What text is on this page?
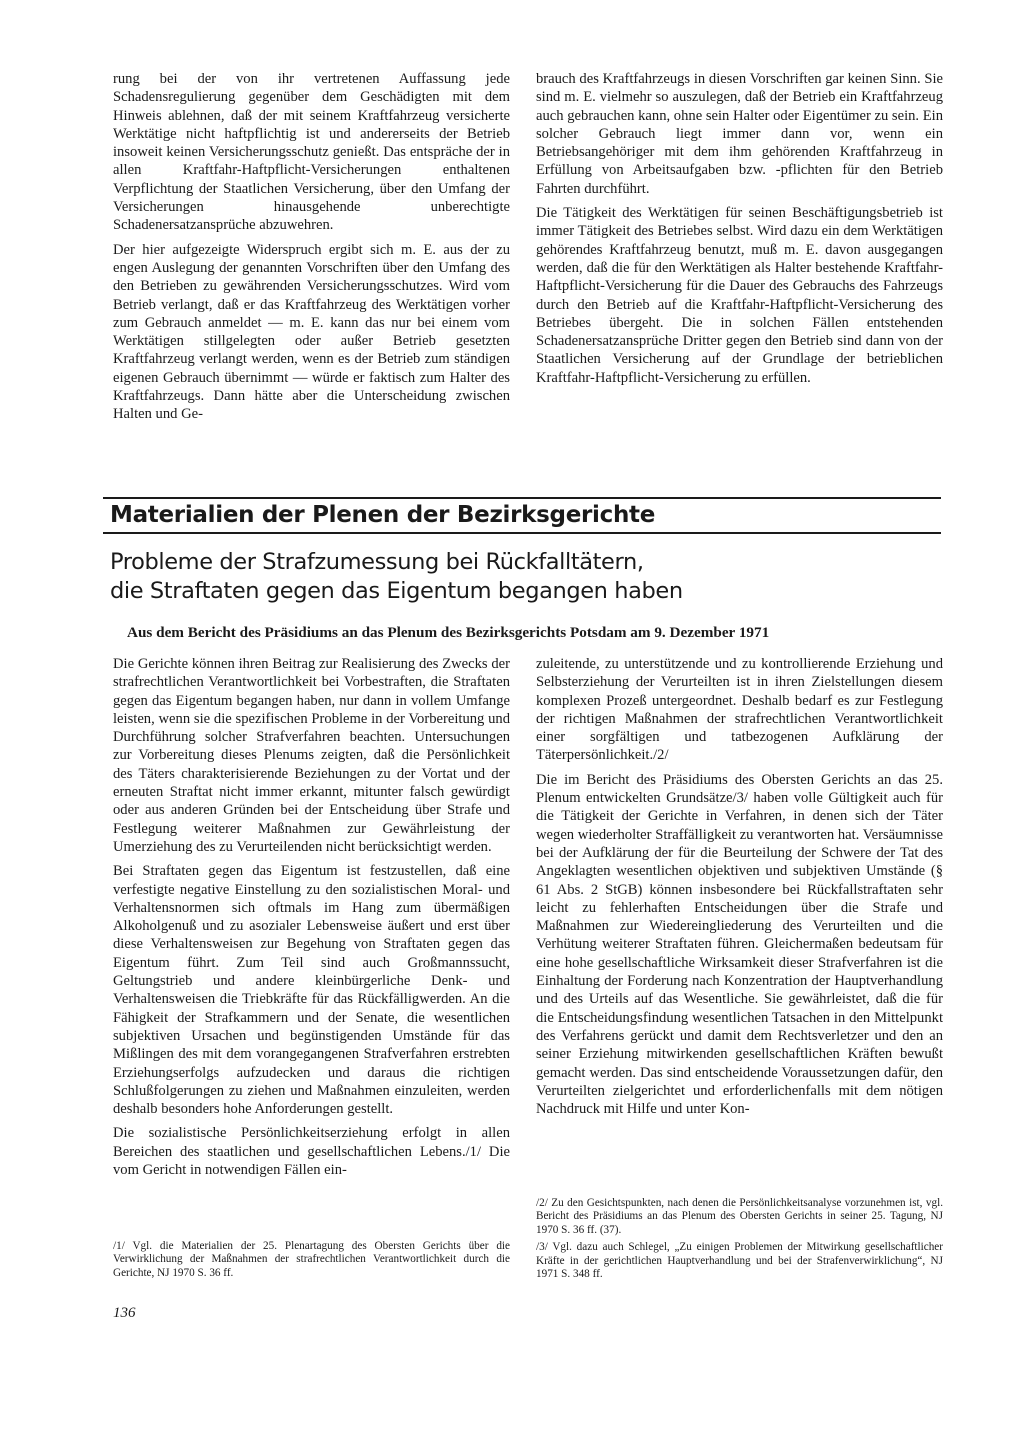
rung bei der von ihr vertretenen Auffassung jede Schadensregulierung gegenüber dem Geschädigten mit dem Hinweis ablehnen, daß der mit seinem Kraftfahrzeug versicherte Werktätige nicht haftpflichtig ist und andererseits der Betrieb insoweit keinen Versicherungsschutz genießt. Das entspräche der in allen Kraftfahr-Haftpflicht-Versicherungen enthaltenen Verpflichtung der Staatlichen Versicherung, über den Umfang der Versicherungen hinausgehende unberechtigte Schadenersatzansprüche abzuwehren.

Der hier aufgezeigte Widerspruch ergibt sich m. E. aus der zu engen Auslegung der genannten Vorschriften über den Umfang des den Betrieben zu gewährenden Versicherungsschutzes. Wird vom Betrieb verlangt, daß er das Kraftfahrzeug des Werktätigen vorher zum Gebrauch anmeldet — m. E. kann das nur bei einem vom Werktätigen stillgelegten oder außer Betrieb gesetzten Kraftfahrzeug verlangt werden, wenn es der Betrieb zum ständigen eigenen Gebrauch übernimmt — würde er faktisch zum Halter des Kraftfahrzeugs. Dann hätte aber die Unterscheidung zwischen Halten und Ge-

brauch des Kraftfahrzeugs in diesen Vorschriften gar keinen Sinn. Sie sind m. E. vielmehr so auszulegen, daß der Betrieb ein Kraftfahrzeug auch gebrauchen kann, ohne sein Halter oder Eigentümer zu sein. Ein solcher Gebrauch liegt immer dann vor, wenn ein Betriebsangehöriger mit dem ihm gehörenden Kraftfahrzeug in Erfüllung von Arbeitsaufgaben bzw. -pflichten für den Betrieb Fahrten durchführt.

Die Tätigkeit des Werktätigen für seinen Beschäftigungsbetrieb ist immer Tätigkeit des Betriebes selbst. Wird dazu ein dem Werktätigen gehörendes Kraftfahrzeug benutzt, muß m. E. davon ausgegangen werden, daß die für den Werktätigen als Halter bestehende Kraftfahr-Haftpflicht-Versicherung für die Dauer des Gebrauchs des Fahrzeugs durch den Betrieb auf die Kraftfahr-Haftpflicht-Versicherung des Betriebes übergeht. Die in solchen Fällen entstehenden Schadenersatzansprüche Dritter gegen den Betrieb sind dann von der Staatlichen Versicherung auf der Grundlage der betrieblichen Kraftfahr-Haftpflicht-Versicherung zu erfüllen.

Materialien der Plenen der Bezirksgerichte
Probleme der Strafzumessung bei Rückfalltätern,
die Straftaten gegen das Eigentum begangen haben
Aus dem Bericht des Präsidiums an das Plenum des Bezirksgerichts Potsdam am 9. Dezember 1971

Die Gerichte können ihren Beitrag zur Realisierung des Zwecks der strafrechtlichen Verantwortlichkeit bei Vorbestraften, die Straftaten gegen das Eigentum begangen haben, nur dann in vollem Umfange leisten, wenn sie die spezifischen Probleme in der Vorbereitung und Durchführung solcher Strafverfahren beachten. Untersuchungen zur Vorbereitung dieses Plenums zeigten, daß die Persönlichkeit des Täters charakterisierende Beziehungen zu der Vortat und der erneuten Straftat nicht immer erkannt, mitunter falsch gewürdigt oder aus anderen Gründen bei der Entscheidung über Strafe und Festlegung weiterer Maßnahmen zur Gewährleistung der Umerziehung des zu Verurteilenden nicht berücksichtigt werden.

Bei Straftaten gegen das Eigentum ist festzustellen, daß eine verfestigte negative Einstellung zu den sozialistischen Moral- und Verhaltensnormen sich oftmals im Hang zum übermäßigen Alkoholgenuß und zu asozialer Lebensweise äußert und erst über diese Verhaltensweisen zur Begehung von Straftaten gegen das Eigentum führt. Zum Teil sind auch Großmannssucht, Geltungstrieb und andere kleinbürgerliche Denk- und Verhaltensweisen die Triebkräfte für das Rückfälligwerden. An die Fähigkeit der Strafkammern und der Senate, die wesentlichen subjektiven Ursachen und begünstigenden Umstände für das Mißlingen des mit dem vorangegangenen Strafverfahren erstrebten Erziehungserfolgs aufzudecken und daraus die richtigen Schlußfolgerungen zu ziehen und Maßnahmen einzuleiten, werden deshalb besonders hohe Anforderungen gestellt.

Die sozialistische Persönlichkeitserziehung erfolgt in allen Bereichen des staatlichen und gesellschaftlichen Lebens./1/ Die vom Gericht in notwendigen Fällen ein-

zuleitende, zu unterstützende und zu kontrollierende Erziehung und Selbsterziehung der Verurteilten ist in ihren Zielstellungen diesem komplexen Prozeß untergeordnet. Deshalb bedarf es zur Festlegung der richtigen Maßnahmen der strafrechtlichen Verantwortlichkeit einer sorgfältigen und tatbezogenen Aufklärung der Täterpersönlichkeit./2/

Die im Bericht des Präsidiums des Obersten Gerichts an das 25. Plenum entwickelten Grundsätze/3/ haben volle Gültigkeit auch für die Tätigkeit der Gerichte in Verfahren, in denen sich der Täter wegen wiederholter Straffälligkeit zu verantworten hat. Versäumnisse bei der Aufklärung der für die Beurteilung der Schwere der Tat des Angeklagten wesentlichen objektiven und subjektiven Umstände (§ 61 Abs. 2 StGB) können insbesondere bei Rückfallstraftaten sehr leicht zu fehlerhaften Entscheidungen über die Strafe und Maßnahmen zur Wiedereingliederung des Verurteilten und die Verhütung weiterer Straftaten führen. Gleichermaßen bedeutsam für eine hohe gesellschaftliche Wirksamkeit dieser Strafverfahren ist die Einhaltung der Forderung nach Konzentration der Hauptverhandlung und des Urteils auf das Wesentliche. Sie gewährleistet, daß die für die Entscheidungsfindung wesentlichen Tatsachen in den Mittelpunkt des Verfahrens gerückt und damit dem Rechtsverletzer und den an seiner Erziehung mitwirkenden gesellschaftlichen Kräften bewußt gemacht werden. Das sind entscheidende Voraussetzungen dafür, den Verurteilten zielgerichtet und erforderlichenfalls mit dem nötigen Nachdruck mit Hilfe und unter Kon-

/1/ Vgl. die Materialien der 25. Plenartagung des Obersten Gerichts über die Verwirklichung der Maßnahmen der strafrechtlichen Verantwortlichkeit durch die Gerichte, NJ 1970 S. 36 ff.

/2/ Zu den Gesichtspunkten, nach denen die Persönlichkeitsanalyse vorzunehmen ist, vgl. Bericht des Präsidiums an das Plenum des Obersten Gerichts in seiner 25. Tagung, NJ 1970 S. 36 ff. (37).

/3/ Vgl. dazu auch Schlegel, „Zu einigen Problemen der Mitwirkung gesellschaftlicher Kräfte in der gerichtlichen Hauptverhandlung und bei der Strafenverwirklichung“, NJ 1971 S. 348 ff.

136
